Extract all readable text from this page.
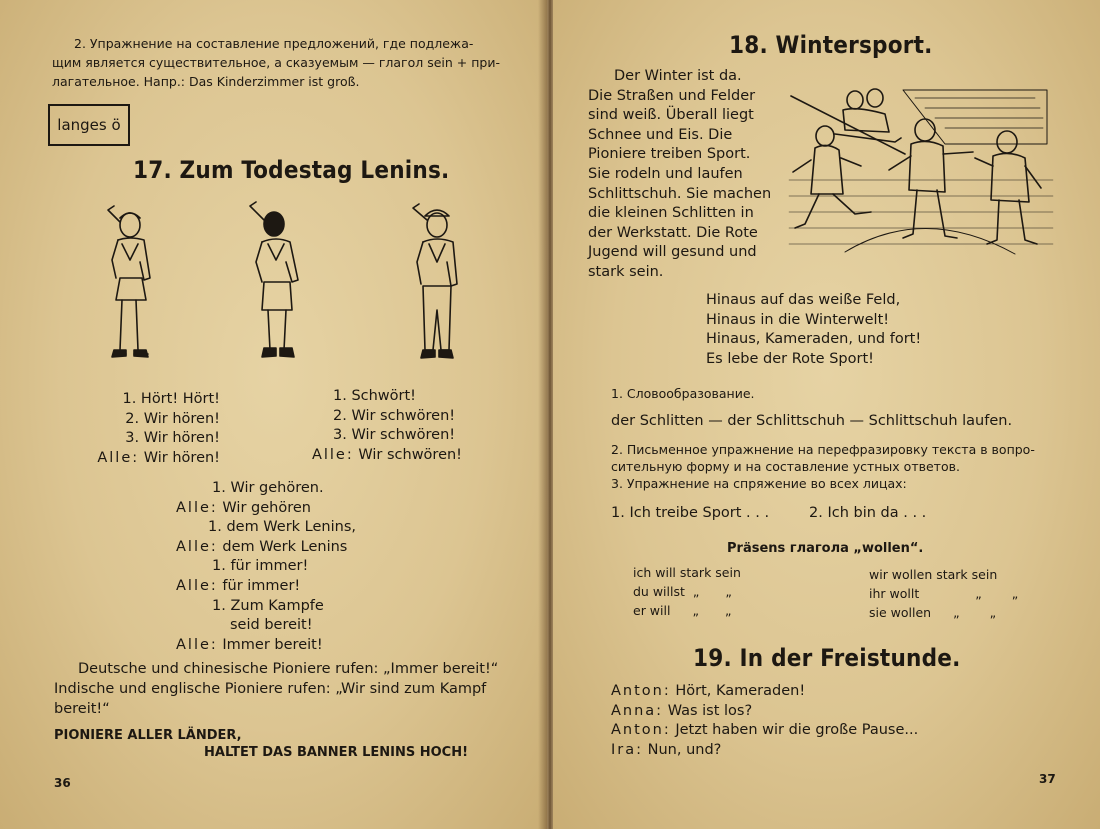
2. Упражнение на составление предложений, где подлежа-
щим является существительное, а сказуемым — глагол sein + при-
лагательное. Напр.: Das Kinderzimmer ist groß.
langes ö
17. Zum Todestag Lenins.
1. Hört! Hört!
2. Wir hören!
3. Wir hören!
Alle: Wir hören!
1. Schwört!
2. Wir schwören!
3. Wir schwören!
Alle: Wir schwören!
1. Wir gehören.
Alle: Wir gehören
1. dem Werk Lenins,
Alle: dem Werk Lenins
1. für immer!
Alle: für immer!
1. Zum Kampfe
seid bereit!
Alle: Immer bereit!
Deutsche und chinesische Pioniere rufen: „Immer bereit!“
Indische und englische Pioniere rufen: „Wir sind zum Kampf
bereit!“
PIONIERE ALLER LÄNDER,
HALTET DAS BANNER LENINS HOCH!
36
18. Wintersport.
Der Winter ist da.
Die Straßen und Felder
sind weiß. Überall liegt
Schnee und Eis. Die
Pioniere treiben Sport.
Sie rodeln und laufen
Schlittschuh. Sie machen
die kleinen Schlitten in
der Werkstatt. Die Rote
Jugend will gesund und
stark sein.
Hinaus auf das weiße Feld,
Hinaus in die Winterwelt!
Hinaus, Kameraden, und fort!
Es lebe der Rote Sport!
1. Словообразование.
der Schlitten — der Schlittschuh — Schlittschuh laufen.
2. Письменное упражнение на перефразировку текста в вопро-
сительную форму и на составление устных ответов.
3. Упражнение на спряжение во всех лицах:
1. Ich treibe Sport . . .	2. Ich bin da . . .
Präsens глагола „wollen“.
ich will stark sein
du willst „ „
er will „ „
wir wollen stark sein
ihr wollt	„ „
sie wollen „ „
19. In der Freistunde.
Anton: Hört, Kameraden!
Anna: Was ist los?
Anton: Jetzt haben wir die große Pause...
Ira: Nun, und?
37
